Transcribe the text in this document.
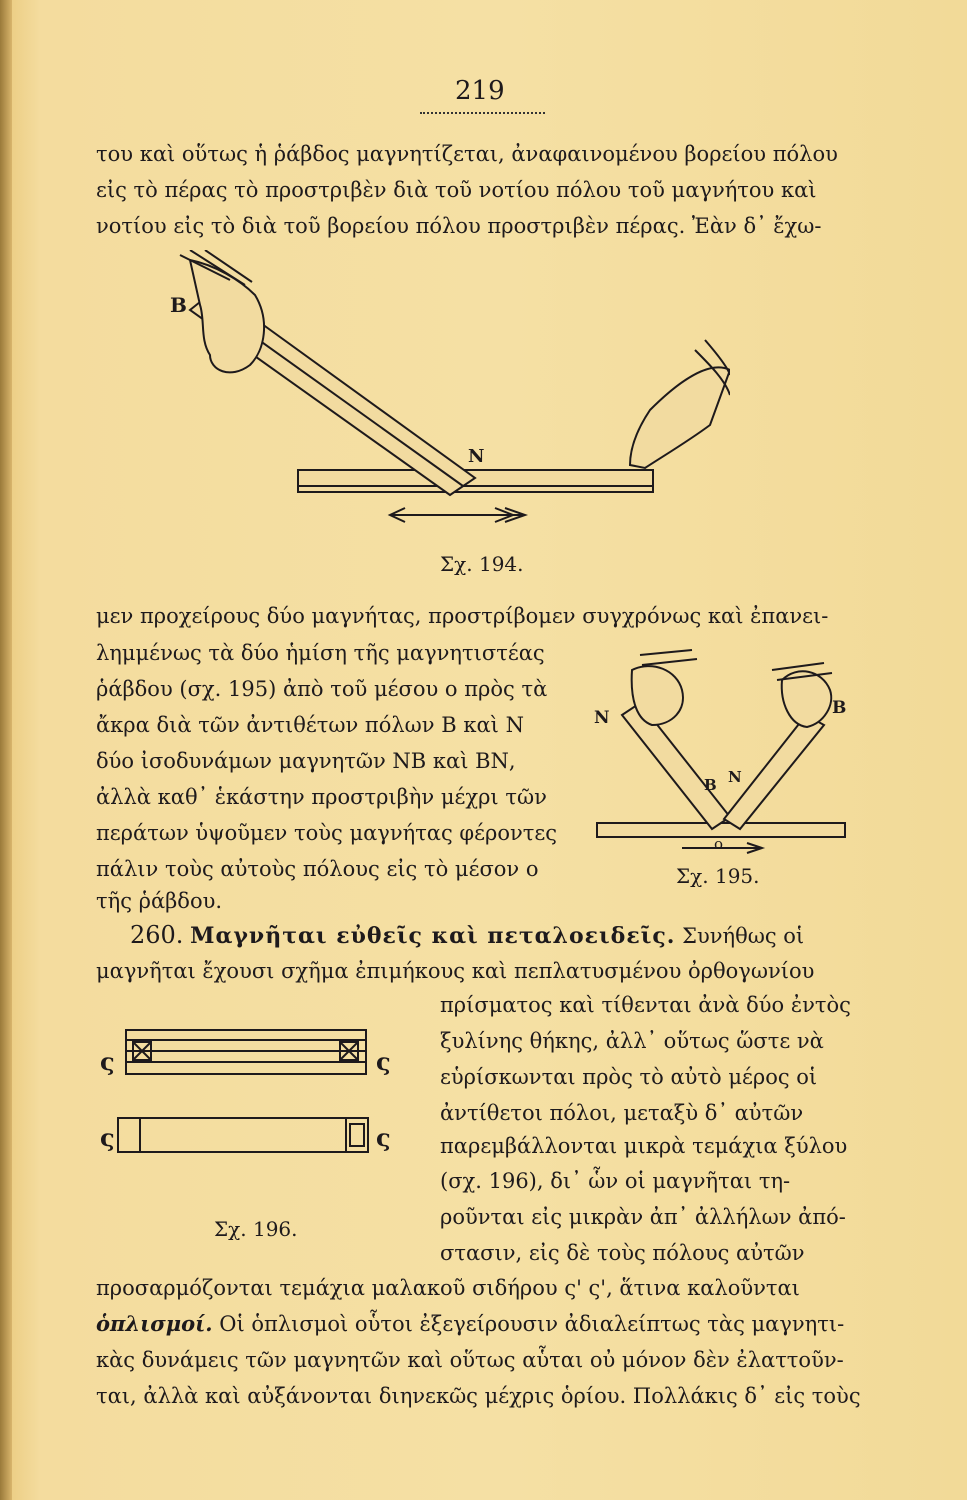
219
του καὶ οὕτως ἡ ῥάβδος μαγνητίζεται, ἀναφαινομένου βορείου πόλου
εἰς τὸ πέρας τὸ προστριβὲν διὰ τοῦ νοτίου πόλου τοῦ μαγνήτου καὶ
νοτίου εἰς τὸ διὰ τοῦ βορείου πόλου προστριβὲν πέρας. Ἐὰν δ᾿ ἔχω-
B
N
Σχ. 194.
μεν προχείρους δύο μαγνήτας, προστρίβομεν συγχρόνως καὶ ἐπανει-
λημμένως τὰ δύο ἡμίση τῆς μαγνητιστέας
ῥάβδου (σχ. 195) ἀπὸ τοῦ μέσου ο πρὸς τὰ
ἄκρα διὰ τῶν ἀντιθέτων πόλων Β καὶ Ν
δύο ἰσοδυνάμων μαγνητῶν ΝΒ καὶ ΒΝ,
ἀλλὰ καθ᾿ ἑκάστην προστριβὴν μέχρι τῶν
περάτων ὑψοῦμεν τοὺς μαγνήτας φέροντες
πάλιν τοὺς αὐτοὺς πόλους εἰς τὸ μέσον ο
τῆς ῥάβδου.
N	B
B N
o
Σχ. 195.
260. Μαγνῆται εὐθεῖς καὶ πεταλοειδεῖς. Συνήθως οἱ
μαγνῆται ἔχουσι σχῆμα ἐπιμήκους καὶ πεπλατυσμένου ὀρθογωνίου
ς	ς
ς	ς
Σχ. 196.
πρίσματος καὶ τίθενται ἀνὰ δύο ἐντὸς
ξυλίνης θήκης, ἀλλ᾿ οὕτως ὥστε νὰ
εὑρίσκωνται πρὸς τὸ αὐτὸ μέρος οἱ
ἀντίθετοι πόλοι, μεταξὺ δ᾿ αὐτῶν
παρεμβάλλονται μικρὰ τεμάχια ξύλου
(σχ. 196), δι᾿ ὧν οἱ μαγνῆται τη-
ροῦνται εἰς μικρὰν ἀπ᾿ ἀλλήλων ἀπό-
στασιν, εἰς δὲ τοὺς πόλους αὐτῶν
προσαρμόζονται τεμάχια μαλακοῦ σιδήρου ς' ς', ἅτινα καλοῦνται
ὁπλισμοί. Οἱ ὁπλισμοὶ οὗτοι ἐξεγείρουσιν ἀδιαλείπτως τὰς μαγνητι-
κὰς δυνάμεις τῶν μαγνητῶν καὶ οὕτως αὗται οὐ μόνον δὲν ἐλαττοῦν-
ται, ἀλλὰ καὶ αὐξάνονται διηνεκῶς μέχρις ὁρίου. Πολλάκις δ᾿ εἰς τοὺς
